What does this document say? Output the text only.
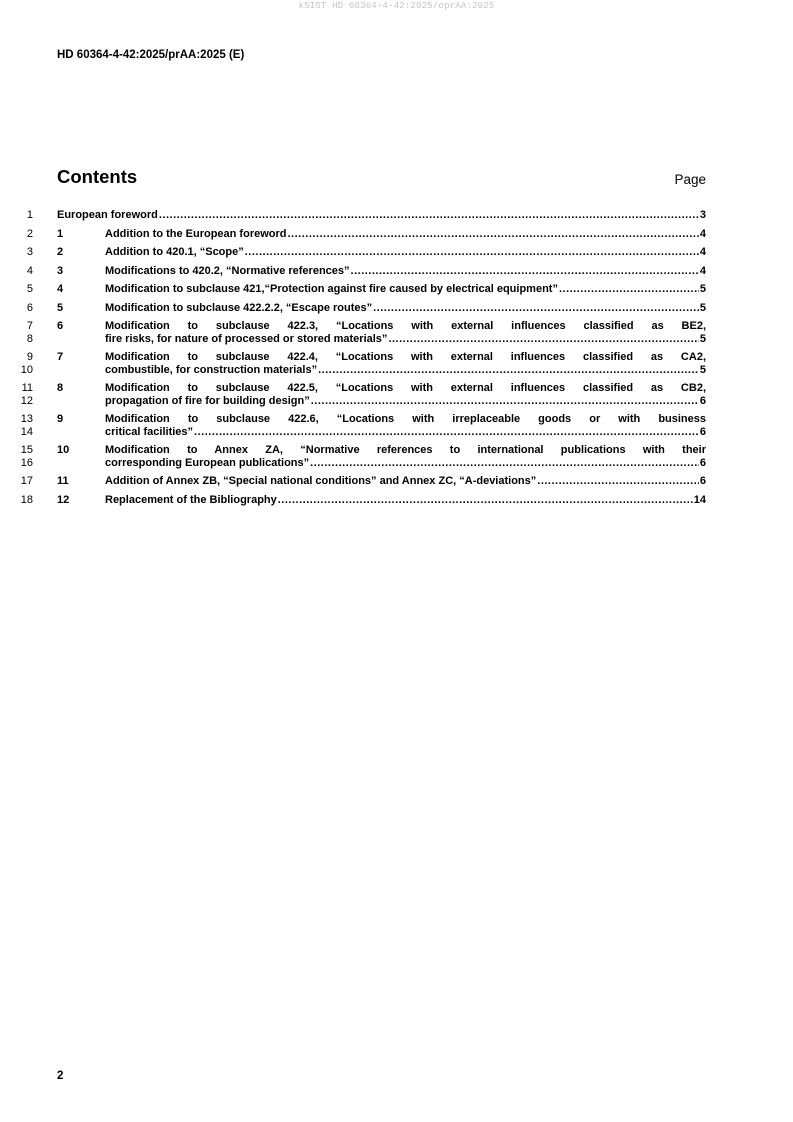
kSIST HD 60364-4-42:2025/oprAA:2025
HD 60364-4-42:2025/prAA:2025 (E)
Contents	Page
1 European foreword .....	3
2 1	Addition to the European foreword .....	4
3 2	Addition to 420.1, “Scope” .....	4
4 3	Modifications to 420.2, “Normative references” .....	4
5 4	Modification to subclause 421,“Protection against fire caused by electrical equipment” .....	5
6 5	Modification to subclause 422.2.2, “Escape routes” .....	5
7
8
6	Modification to subclause 422.3, “Locations with external influences classified as BE2,
fire risks, for nature of processed or stored materials” .....	5
9
10
7	Modification to subclause 422.4, “Locations with external influences classified as CA2,
combustible, for construction materials” .....	5
11
12
8	Modification to subclause 422.5, “Locations with external influences classified as CB2,
propagation of fire for building design” .....	6
13
14
9	Modification to subclause 422.6, “Locations with irreplaceable goods or with business
critical facilities” .....	6
15
16
10	Modification to Annex ZA, “Normative references to international publications with their
corresponding European publications” .....	6
17 11	Addition of Annex ZB, “Special national conditions” and Annex ZC, “A-deviations” .....	6
18 12	Replacement of the Bibliography .....	14
2
